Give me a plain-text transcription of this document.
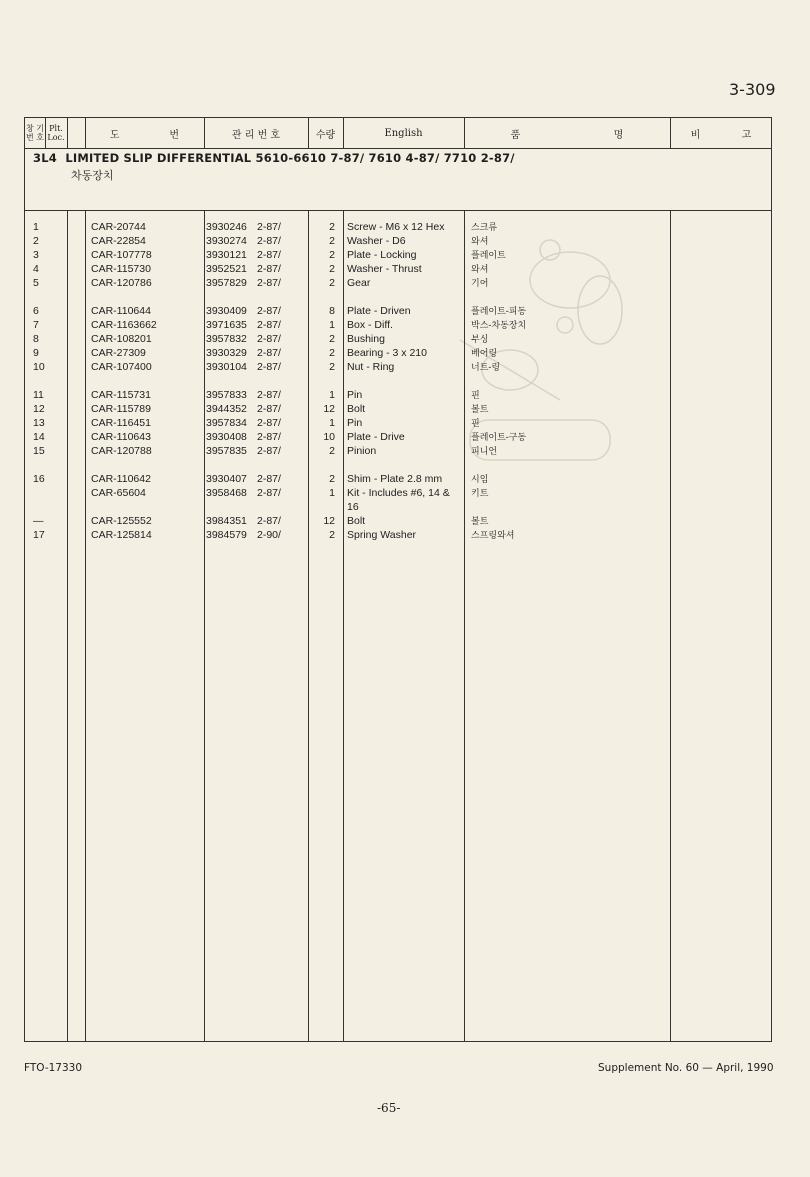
3-309
창 기
번 호
Plt.
Loc.	도	번	관 리 번 호	수량	English	품	명	비	고
3L4 LIMITED SLIP DIFFERENTIAL 5610-6610 7-87/ 7610 4-87/ 7710 2-87/
차동장치
1	CAR-20744	3930246 2-87/	2 Screw - M6 x 12 Hex	스크류
2	CAR-22854	3930274 2-87/	2 Washer - D6	와셔
3	CAR-107778	3930121 2-87/	2 Plate - Locking	플레이트
4	CAR-115730	3952521 2-87/	2 Washer - Thrust	와셔
5	CAR-120786	3957829 2-87/	2 Gear	기어
6	CAR-110644	3930409 2-87/	8 Plate - Driven	플레이트-피동
7	CAR-1163662	3971635 2-87/	1 Box - Diff.	박스-차동장치
8	CAR-108201	3957832 2-87/	2 Bushing	부싱
9	CAR-27309	3930329 2-87/	2 Bearing - 3 x 210	베어링
10	CAR-107400	3930104 2-87/	2 Nut - Ring	너트-링
11	CAR-115731	3957833 2-87/	1 Pin	핀
12	CAR-115789	3944352 2-87/	12 Bolt	볼트
13	CAR-116451	3957834 2-87/	1 Pin	핀
14	CAR-110643	3930408 2-87/	10 Plate - Drive	플레이트-구동
15	CAR-120788	3957835 2-87/	2 Pinion	피니언
16	CAR-110642	3930407 2-87/	2 Shim - Plate 2.8 mm	시임
CAR-65604	3958468 2-87/	1 Kit - Includes #6, 14 & 키트
16
—	CAR-125552	3984351 2-87/	12 Bolt	볼트
17	CAR-125814	3984579 2-90/	2 Spring Washer	스프링와셔
FTO-17330	Supplement No. 60 — April, 1990
-65-
